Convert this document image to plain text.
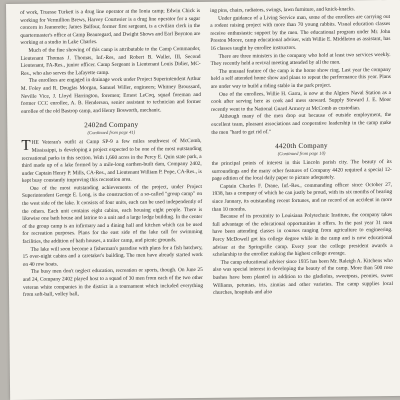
of work, Truesse Turkett is a drug line operator at the Ionia camp; Edwin Chick is working for Vermillion Brews, Harvey Courtesier is a drug line operator for a sugar concern in Jeanerette; James Balfour, former first sergeant, is a civilian clerk in the quartermaster's office at Camp Beauregard, and Dwight Shows and Earl Boynton are working at a studio in Lake Charles.

Much of the fine showing of this camp is attributable to the Camp Commander, Lieutenant Thomas J. Thomas, Inf.-Res, and Robert B. Waller, III, Second Lieutenant, FA-Res., junior officer. Camp Sergeant is Lieutenant Louis Didier, MC-Res., who also serves the Lafayette camp.

The enrollees are engaged in drainage work under Project Superintendent Arthur M. Foley and R. Douglas Morgan, Samuel Willer, engineers; Whitney Broussard, Neville Vice, J. Lloyd Harrington, foremen; Ernest LeCoq, squad foreman and former CCC enrollee, A. B. Henderson, senior assistant to technician and former enrollee of the old Bastrop camp, and Henry Bosworth, mechanic.

2402nd Company
(Continued from page 41)

THE Veteran's outfit at Camp SP-9 a few miles southwest of McComb, Mississippi, is developing a project expected to be one of the most outstanding recreational parks in this section. With 1,660 acres in the Percy E. Quin state park, a third made up of a lake formed by a mile-long earthen-built dam, Company 2402, under Captain Henry P. Mills, CA-Res., and Lieutenant William P. Pope, CA-Res., is kept busy constantly improving this recreation area.

One of the most outstanding achievements of the project, under Project Superintendent George E. Long, is the construction of a so-called "group camp" on the west side of the lake. It consists of four units, each can be used independently of the others. Each unit contains eight cabins, each housing eight people. There is likewise one bath house and latrine to a unit and a large lodge building. In the center of the group camp is an infirmary and a dining hall and kitchen which can be used for recreation purposes. Plans for the east side of the lake call for swimming facilities, the addition of bath houses, a trailer camp, and picnic grounds.

The lake will soon become a fisherman's paradise with plans for a fish hatchery, 15 over-night cabins and a caretaker's building. The men have already started work on 40 row boats.

The busy men don't neglect education, recreation or sports, though. On June 25 and 24, Company 2402 played host to a squad of 30 men from each of the two other veteran white companies in the district in a tournament which included everything from soft-ball, volley ball,

ing pins, chairs, radiators, swings, lawn furniture, and knick-knacks.

Under guidance of a Living Service man, some of the enrollees are carrying out a rodent raising project with more than 70 young rabbits. Visual education classes receive enthusiastic support by the men. The educational program under Mr. John Preston Moore, camp educational adviser, with Willie E. Middleton as assistant, has 16 classes taught by enrollee instructors.

There are three ministers in the company who hold at least two services weekly. They recently held a revival meeting attended by all the men.

The unusual feature of the camp is the home show ring. Last year the company held a self attended home show and plans to repeat the performance this year. Plans are under way to build a riding stable in the park project.

One of the enrollees, Willie H. Garra, is now at the Algiers Naval Station as a cook after serving here as cook and mess steward. Supply Steward J. E. Moor recently went to the National Guard Armory at McComb as custodian.

Although many of the men drop out because of outside employment, the excellent team, pleasant associations and cooperative leadership in the camp make the men "hard to get rid of."

4420th Company
(Continued from page 10)

the principal points of interest in this Lincoln parish city. The beauty of its surroundings and the many other features of Company 4420 required a special 12-page edition of the local daily paper to picture adequately.

Captain Charles F. Drane, Inf.-Res., commanding officer since October 27, 1938, has a company of which he can justly be proud, with its six months of hearing since January, its outstanding recent fortunes, and no record of an accident in more than 10 months.

Because of its proximity to Louisiana Polytechnic Institute, the company takes full advantage of the educational opportunities it offers. In the past year 31 men have been attending classes in courses ranging from agriculture to engineering. Percy McDowell got his college degree while in the camp and is now educational adviser at the Springville camp. Every year the college president awards a scholarship to the enrollee making the highest college average.

The camp educational adviser since 1935 has been Mr. Raleigh A. Kitchens who also was special interest in developing the beauty of the camp. More than 500 rose bushes have been planted in addition to the gladiolus, sweetpeas, peonies, sweet Williams, petunias, iris, zinnias and other varieties. The camp supplies local churches, hospitals and also
